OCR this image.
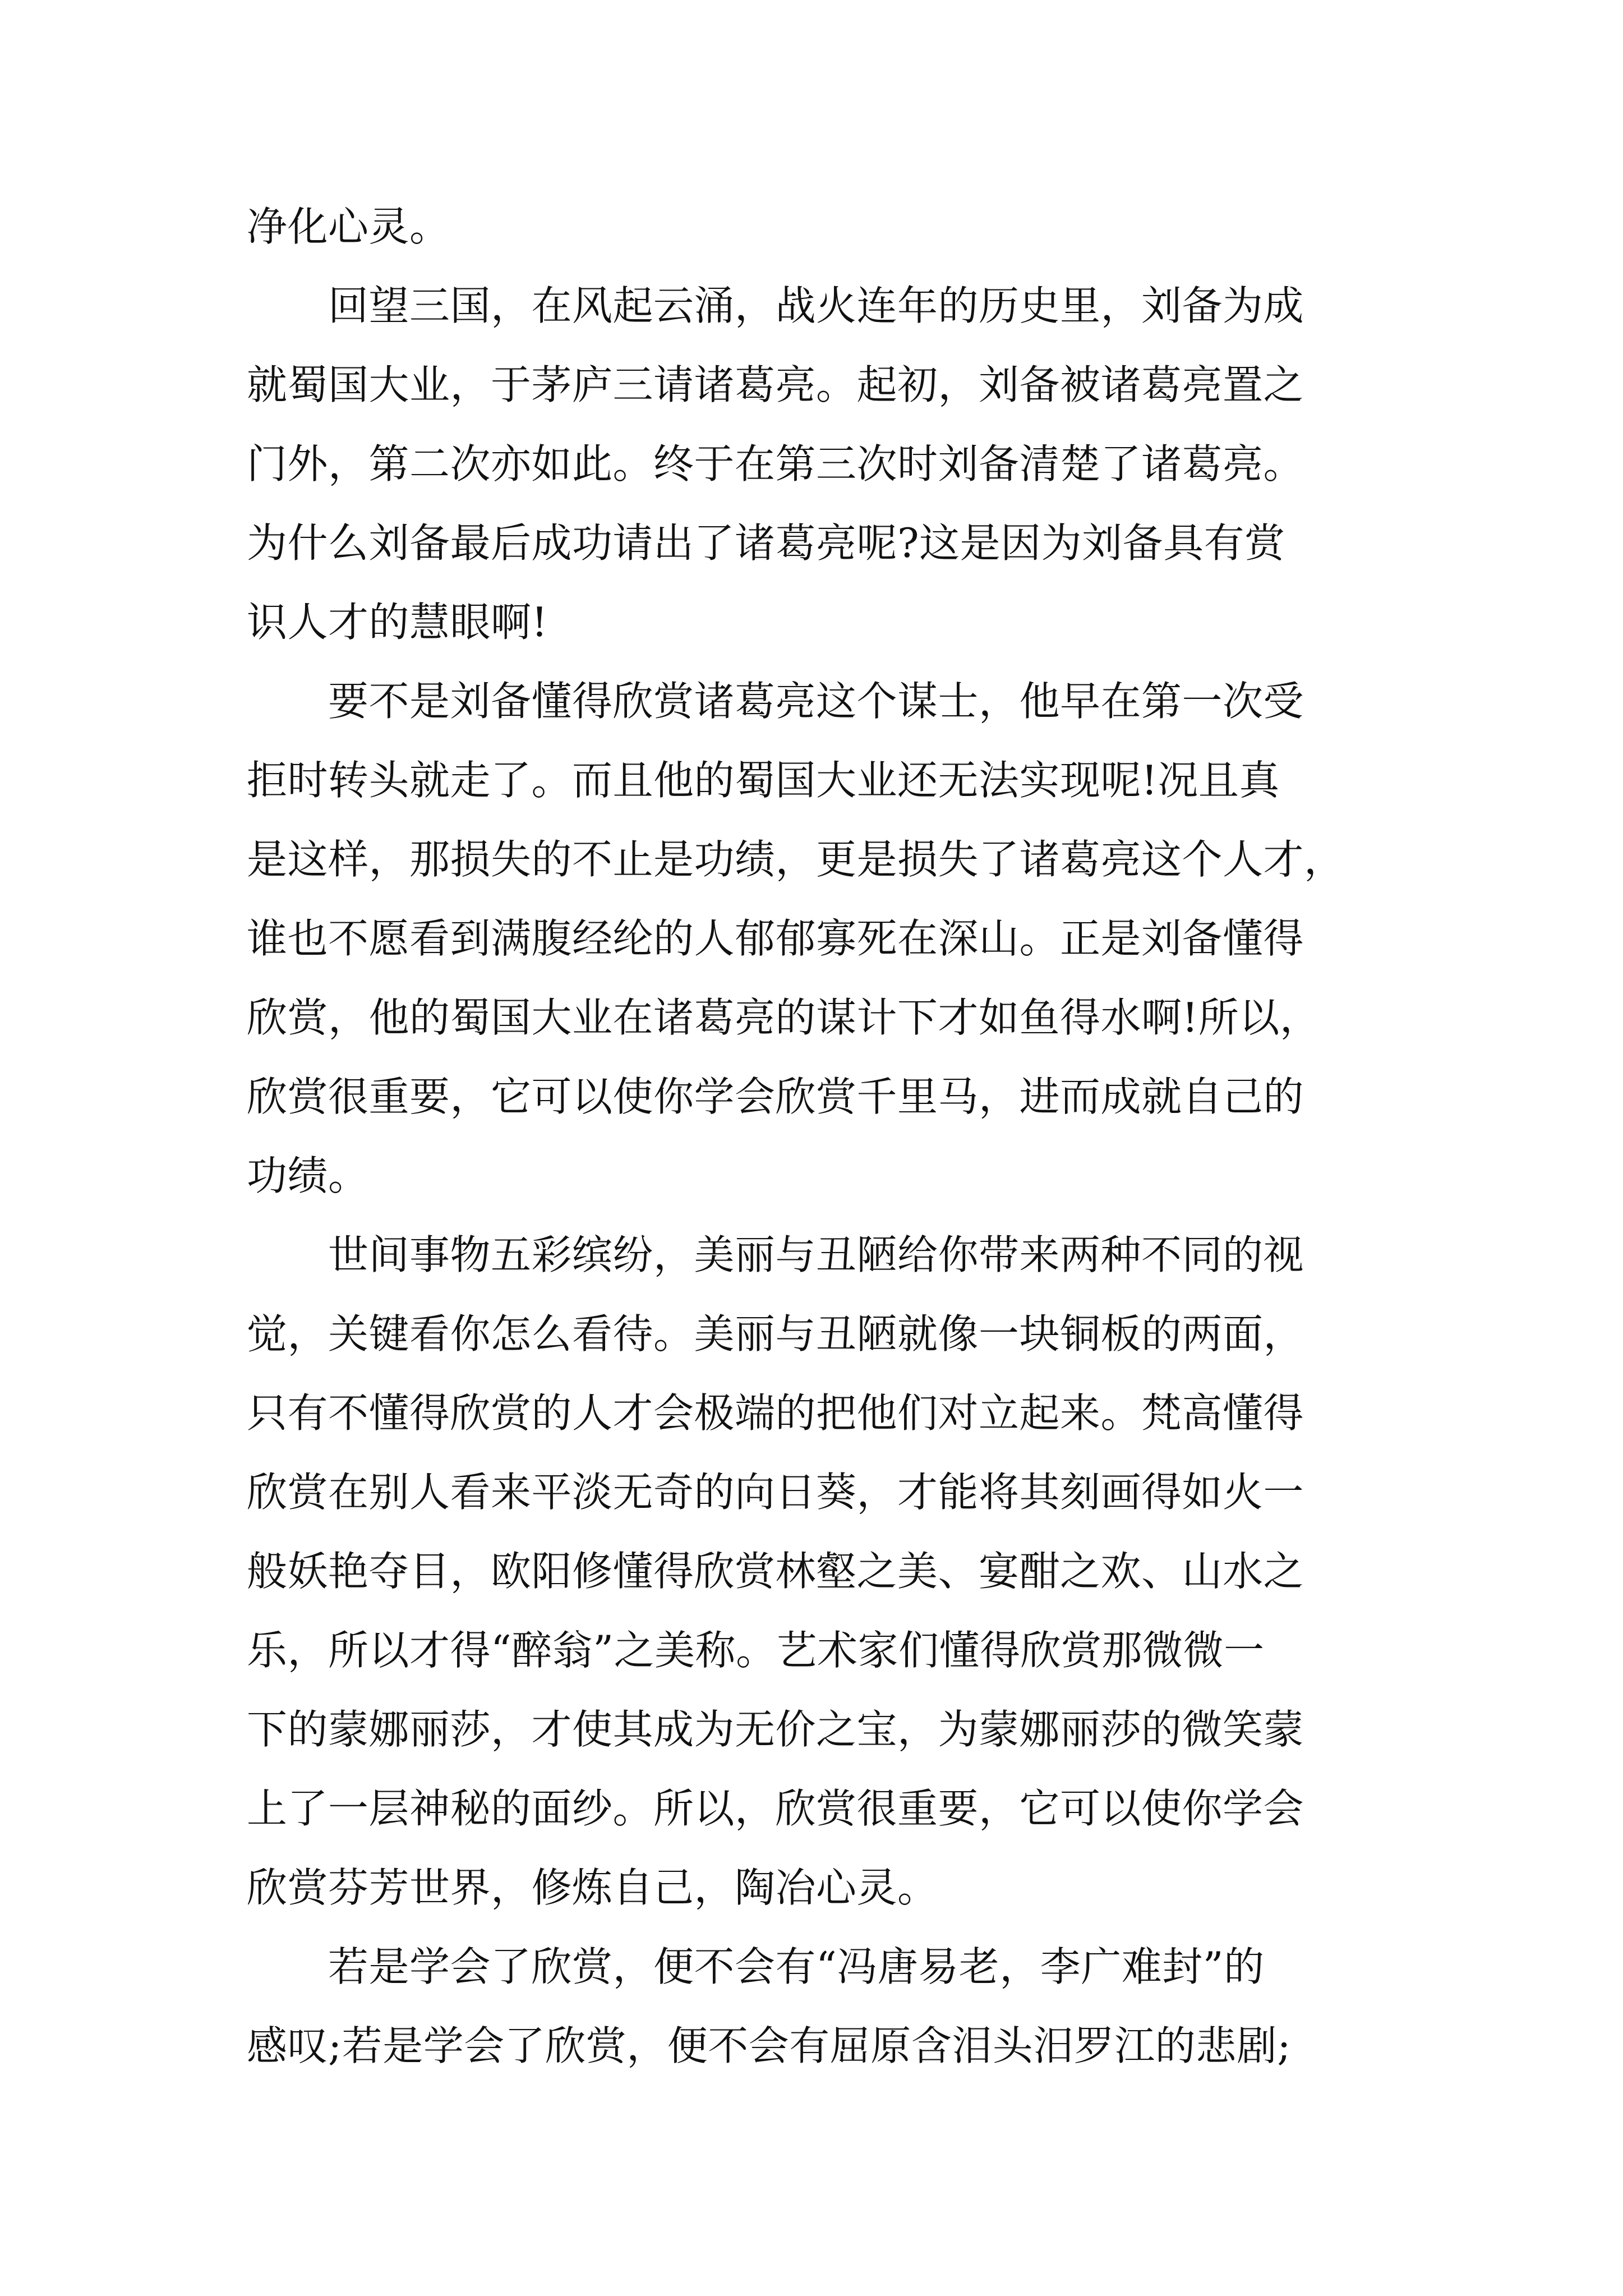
净化心灵。
　　回望三国，在风起云涌，战火连年的历史里，刘备为成
就蜀国大业，于茅庐三请诸葛亮。起初，刘备被诸葛亮置之
门外，第二次亦如此。终于在第三次时刘备清楚了诸葛亮。
为什么刘备最后成功请出了诸葛亮呢?这是因为刘备具有赏
识人才的慧眼啊!
　　要不是刘备懂得欣赏诸葛亮这个谋士，他早在第一次受
拒时转头就走了。而且他的蜀国大业还无法实现呢!况且真
是这样，那损失的不止是功绩，更是损失了诸葛亮这个人才，
谁也不愿看到满腹经纶的人郁郁寡死在深山。正是刘备懂得
欣赏，他的蜀国大业在诸葛亮的谋计下才如鱼得水啊!所以，
欣赏很重要，它可以使你学会欣赏千里马，进而成就自己的
功绩。
　　世间事物五彩缤纷，美丽与丑陋给你带来两种不同的视
觉，关键看你怎么看待。美丽与丑陋就像一块铜板的两面，
只有不懂得欣赏的人才会极端的把他们对立起来。梵高懂得
欣赏在别人看来平淡无奇的向日葵，才能将其刻画得如火一
般妖艳夺目，欧阳修懂得欣赏林壑之美、宴酣之欢、山水之
乐，所以才得“醉翁”之美称。艺术家们懂得欣赏那微微一
下的蒙娜丽莎，才使其成为无价之宝，为蒙娜丽莎的微笑蒙
上了一层神秘的面纱。所以，欣赏很重要，它可以使你学会
欣赏芬芳世界，修炼自己，陶冶心灵。
　　若是学会了欣赏，便不会有“冯唐易老，李广难封”的
感叹;若是学会了欣赏，便不会有屈原含泪头汨罗江的悲剧;
